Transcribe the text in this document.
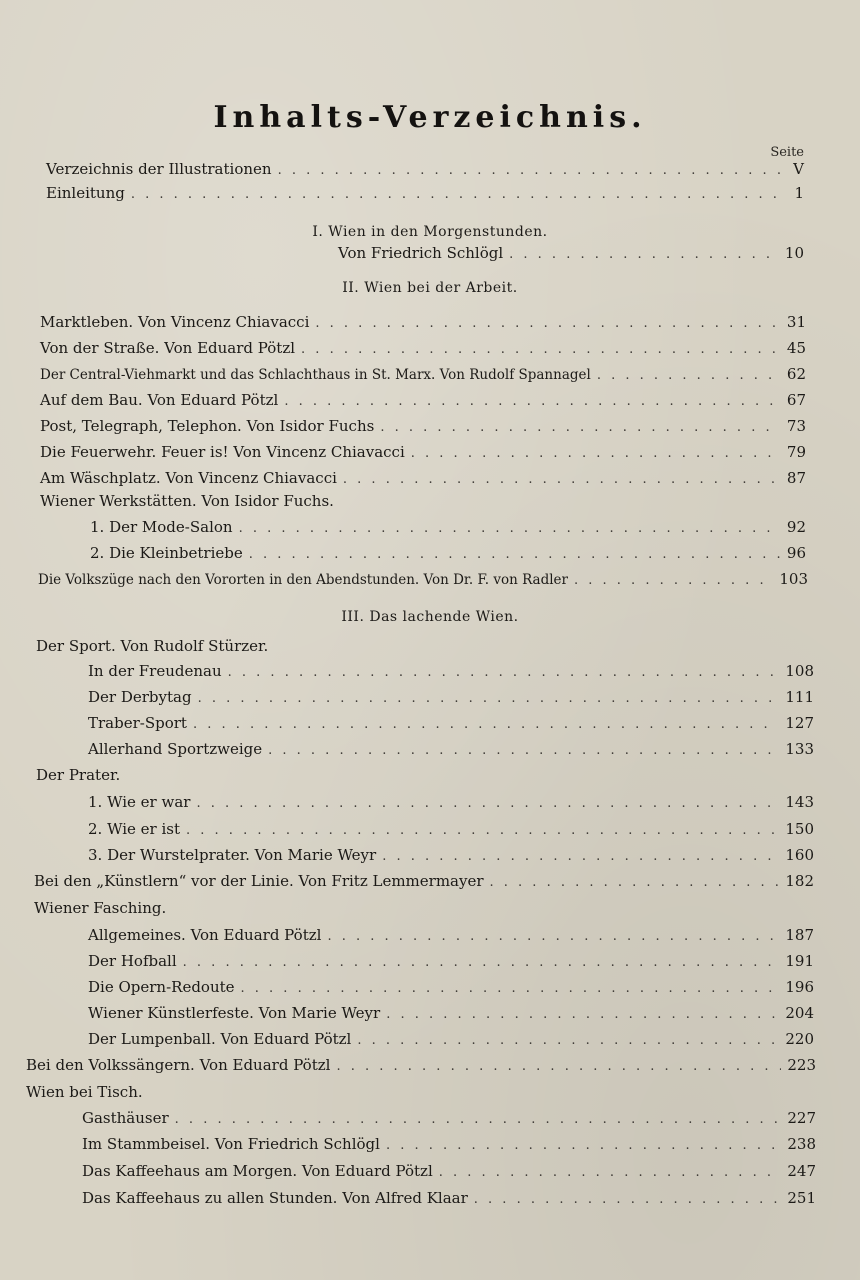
Inhalts-Verzeichnis.
Seite
Verzeichnis der Illustrationen . . .	V
Einleitung . . .	1
I. Wien in den Morgenstunden.
Von Friedrich Schlögl . . .	10
II. Wien bei der Arbeit.
Marktleben. Von Vincenz Chiavacci . . .	31
Von der Straße. Von Eduard Pötzl . . .	45
Der Central-Viehmarkt und das Schlachthaus in St. Marx. Von Rudolf Spannagel . . .	62
Auf dem Bau. Von Eduard Pötzl . . .	67
Post, Telegraph, Telephon. Von Isidor Fuchs . . .	73
Die Feuerwehr. Feuer is! Von Vincenz Chiavacci . . .	79
Am Wäschplatz. Von Vincenz Chiavacci . . .	87
Wiener Werkstätten. Von Isidor Fuchs.
1. Der Mode-Salon . . .	92
2. Die Kleinbetriebe . . .	96
Die Volkszüge nach den Vororten in den Abendstunden. Von Dr. F. von Radler . . .	103
III. Das lachende Wien.
Der Sport. Von Rudolf Stürzer.
In der Freudenau . . .	108
Der Derbytag . . .	111
Traber-Sport . . .	127
Allerhand Sportzweige . . .	133
Der Prater.
1. Wie er war . . .	143
2. Wie er ist . . .	150
3. Der Wurstelprater. Von Marie Weyr . . .	160
Bei den „Künstlern“ vor der Linie. Von Fritz Lemmermayer . . .	182
Wiener Fasching.
Allgemeines. Von Eduard Pötzl . . .	187
Der Hofball . . .	191
Die Opern-Redoute . . .	196
Wiener Künstlerfeste. Von Marie Weyr . . .	204
Der Lumpenball. Von Eduard Pötzl . . .	220
Bei den Volkssängern. Von Eduard Pötzl . . .	223
Wien bei Tisch.
Gasthäuser . . .	227
Im Stammbeisel. Von Friedrich Schlögl . . .	238
Das Kaffeehaus am Morgen. Von Eduard Pötzl . . .	247
Das Kaffeehaus zu allen Stunden. Von Alfred Klaar . . .	251
